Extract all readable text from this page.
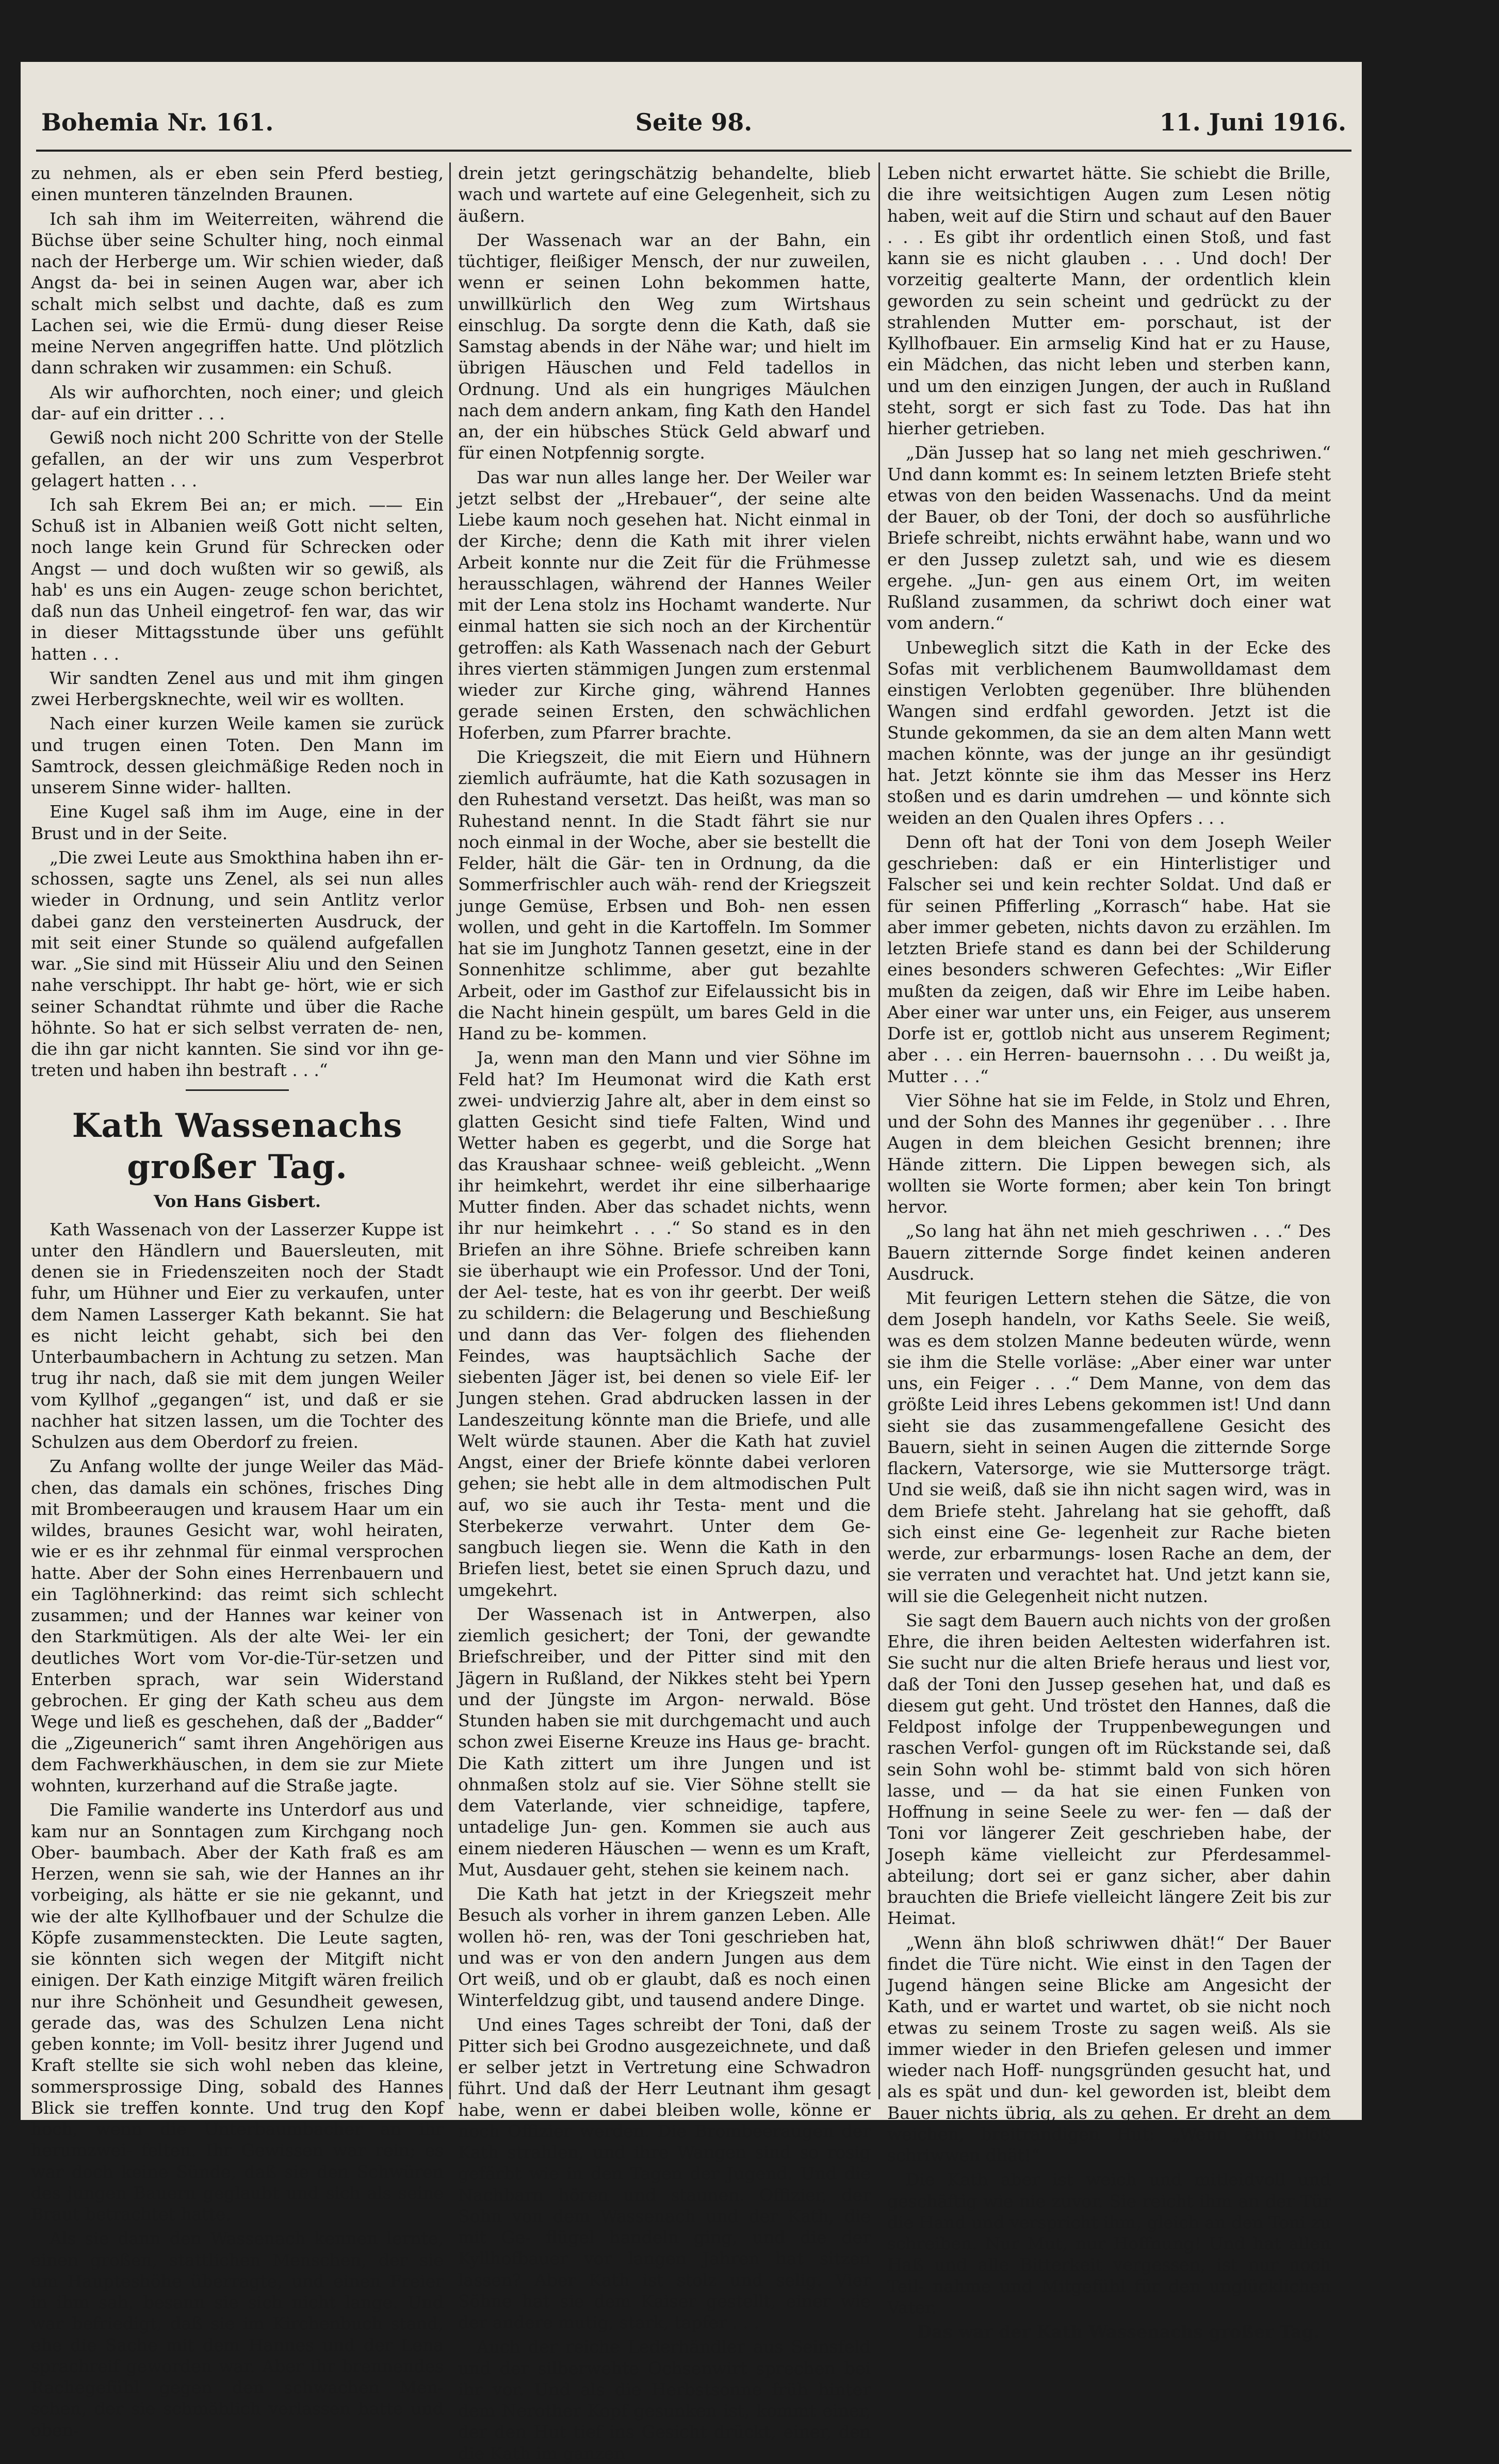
Bohemia Nr. 161.	Seite 98.	11. Juni 1916.

zu nehmen, als er eben sein Pferd bestieg, einen munteren tänzelnden Braunen.

Ich sah ihm im Weiterreiten, während die Büchse über seine Schulter hing, noch einmal nach der Herberge um. Wir schien wieder, daß Angst da- bei in seinen Augen war, aber ich schalt mich selbst und dachte, daß es zum Lachen sei, wie die Ermü- dung dieser Reise meine Nerven angegriffen hatte. Und plötzlich dann schraken wir zusammen: ein Schuß.

Als wir aufhorchten, noch einer; und gleich dar- auf ein dritter . . .

Gewiß noch nicht 200 Schritte von der Stelle gefallen, an der wir uns zum Vesperbrot gelagert hatten . . .

Ich sah Ekrem Bei an; er mich. —— Ein Schuß ist in Albanien weiß Gott nicht selten, noch lange kein Grund für Schrecken oder Angst — und doch wußten wir so gewiß, als hab' es uns ein Augen- zeuge schon berichtet, daß nun das Unheil eingetrof- fen war, das wir in dieser Mittagsstunde über uns gefühlt hatten . . .

Wir sandten Zenel aus und mit ihm gingen zwei Herbergsknechte, weil wir es wollten.

Nach einer kurzen Weile kamen sie zurück und trugen einen Toten. Den Mann im Samtrock, dessen gleichmäßige Reden noch in unserem Sinne wider- hallten.

Eine Kugel saß ihm im Auge, eine in der Brust und in der Seite.

„Die zwei Leute aus Smokthina haben ihn er- schossen, sagte uns Zenel, als sei nun alles wieder in Ordnung, und sein Antlitz verlor dabei ganz den versteinerten Ausdruck, der mit seit einer Stunde so quälend aufgefallen war. „Sie sind mit Hüsseir Aliu und den Seinen nahe verschippt. Ihr habt ge- hört, wie er sich seiner Schandtat rühmte und über die Rache höhnte. So hat er sich selbst verraten de- nen, die ihn gar nicht kannten. Sie sind vor ihn ge- treten und haben ihn bestraft . . .“

Kath Wassenachs großer Tag.
Von Hans Gisbert.

Kath Wassenach von der Lasserzer Kuppe ist unter den Händlern und Bauersleuten, mit denen sie in Friedenszeiten noch der Stadt fuhr, um Hühner und Eier zu verkaufen, unter dem Namen Lasserger Kath bekannt. Sie hat es nicht leicht gehabt, sich bei den Unterbaumbachern in Achtung zu setzen. Man trug ihr nach, daß sie mit dem jungen Weiler vom Kyllhof „gegangen“ ist, und daß er sie nachher hat sitzen lassen, um die Tochter des Schulzen aus dem Oberdorf zu freien.

Zu Anfang wollte der junge Weiler das Mäd- chen, das damals ein schönes, frisches Ding mit Brombeeraugen und krausem Haar um ein wildes, braunes Gesicht war, wohl heiraten, wie er es ihr zehnmal für einmal versprochen hatte. Aber der Sohn eines Herrenbauern und ein Taglöhnerkind: das reimt sich schlecht zusammen; und der Hannes war keiner von den Starkmütigen. Als der alte Wei- ler ein deutliches Wort vom Vor-die-Tür-setzen und Enterben sprach, war sein Widerstand gebrochen. Er ging der Kath scheu aus dem Wege und ließ es geschehen, daß der „Badder“ die „Zigeunerich“ samt ihren Angehörigen aus dem Fachwerkhäuschen, in dem sie zur Miete wohnten, kurzerhand auf die Straße jagte.

Die Familie wanderte ins Unterdorf aus und kam nur an Sonntagen zum Kirchgang noch Ober- baumbach. Aber der Kath fraß es am Herzen, wenn sie sah, wie der Hannes an ihr vorbeiging, als hätte er sie nie gekannt, und wie der alte Kyllhofbauer und der Schulze die Köpfe zusammensteckten. Die Leute sagten, sie könnten sich wegen der Mitgift nicht einigen. Der Kath einzige Mitgift wären freilich nur ihre Schönheit und Gesundheit gewesen, gerade das, was des Schulzen Lena nicht geben konnte; im Voll- besitz ihrer Jugend und Kraft stellte sie sich wohl neben das kleine, sommersprossige Ding, sobald des Hannes Blick sie treffen konnte. Und trug den Kopf hoch, wenn die Unterbaumbacher an ihr herumzwei- felten. Ihr Gewissen war rein; es war doch keine Sünde, daß sie den Schwüren des jungen Bauern geglaubt und sich als seine Braut betrachtet hatte.

Als sie dann den Wassenach kennen lernte, einen großen, stattlichen Menschen, der sie um Haupteshöhe überragte, und einen Freier in ihm sah, besann sie sich nicht lange. Und war befriedigt, daß sie im Kirchenbuch stand, ehe die Sache mit dem Hannes und der Lena sprachreif geworden war. Aber ihr brennendes Rachegefühl gegen den schwachen Men- schen, der sie schmählich verlassen hatte und oben-

drein jetzt geringschätzig behandelte, blieb wach und wartete auf eine Gelegenheit, sich zu äußern.

Der Wassenach war an der Bahn, ein tüchtiger, fleißiger Mensch, der nur zuweilen, wenn er seinen Lohn bekommen hatte, unwillkürlich den Weg zum Wirtshaus einschlug. Da sorgte denn die Kath, daß sie Samstag abends in der Nähe war; und hielt im übrigen Häuschen und Feld tadellos in Ordnung. Und als ein hungriges Mäulchen nach dem andern ankam, fing Kath den Handel an, der ein hübsches Stück Geld abwarf und für einen Notpfennig sorgte.

Das war nun alles lange her. Der Weiler war jetzt selbst der „Hrebauer“, der seine alte Liebe kaum noch gesehen hat. Nicht einmal in der Kirche; denn die Kath mit ihrer vielen Arbeit konnte nur die Zeit für die Frühmesse herausschlagen, während der Hannes Weiler mit der Lena stolz ins Hochamt wanderte. Nur einmal hatten sie sich noch an der Kirchentür getroffen: als Kath Wassenach nach der Geburt ihres vierten stämmigen Jungen zum erstenmal wieder zur Kirche ging, während Hannes gerade seinen Ersten, den schwächlichen Hoferben, zum Pfarrer brachte.

Die Kriegszeit, die mit Eiern und Hühnern ziemlich aufräumte, hat die Kath sozusagen in den Ruhestand versetzt. Das heißt, was man so Ruhestand nennt. In die Stadt fährt sie nur noch einmal in der Woche, aber sie bestellt die Felder, hält die Gär- ten in Ordnung, da die Sommerfrischler auch wäh- rend der Kriegszeit junge Gemüse, Erbsen und Boh- nen essen wollen, und geht in die Kartoffeln. Im Sommer hat sie im Junghotz Tannen gesetzt, eine in der Sonnenhitze schlimme, aber gut bezahlte Arbeit, oder im Gasthof zur Eifelaussicht bis in die Nacht hinein gespült, um bares Geld in die Hand zu be- kommen.

Ja, wenn man den Mann und vier Söhne im Feld hat? Im Heumonat wird die Kath erst zwei- undvierzig Jahre alt, aber in dem einst so glatten Gesicht sind tiefe Falten, Wind und Wetter haben es gegerbt, und die Sorge hat das Kraushaar schnee- weiß gebleicht. „Wenn ihr heimkehrt, werdet ihr eine silberhaarige Mutter finden. Aber das schadet nichts, wenn ihr nur heimkehrt . . .“ So stand es in den Briefen an ihre Söhne. Briefe schreiben kann sie überhaupt wie ein Professor. Und der Toni, der Ael- teste, hat es von ihr geerbt. Der weiß zu schildern: die Belagerung und Beschießung und dann das Ver- folgen des fliehenden Feindes, was hauptsächlich Sache der siebenten Jäger ist, bei denen so viele Eif- ler Jungen stehen. Grad abdrucken lassen in der Landeszeitung könnte man die Briefe, und alle Welt würde staunen. Aber die Kath hat zuviel Angst, einer der Briefe könnte dabei verloren gehen; sie hebt alle in dem altmodischen Pult auf, wo sie auch ihr Testa- ment und die Sterbekerze verwahrt. Unter dem Ge- sangbuch liegen sie. Wenn die Kath in den Briefen liest, betet sie einen Spruch dazu, und umgekehrt.

Der Wassenach ist in Antwerpen, also ziemlich gesichert; der Toni, der gewandte Briefschreiber, und der Pitter sind mit den Jägern in Rußland, der Nikkes steht bei Ypern und der Jüngste im Argon- nerwald. Böse Stunden haben sie mit durchgemacht und auch schon zwei Eiserne Kreuze ins Haus ge- bracht. Die Kath zittert um ihre Jungen und ist ohnmaßen stolz auf sie. Vier Söhne stellt sie dem Vaterlande, vier schneidige, tapfere, untadelige Jun- gen. Kommen sie auch aus einem niederen Häuschen — wenn es um Kraft, Mut, Ausdauer geht, stehen sie keinem nach.

Die Kath hat jetzt in der Kriegszeit mehr Besuch als vorher in ihrem ganzen Leben. Alle wollen hö- ren, was der Toni geschrieben hat, und was er von den andern Jungen aus dem Ort weiß, und ob er glaubt, daß es noch einen Winterfeldzug gibt, und tausend andere Dinge.

Und eines Tages schreibt der Toni, daß der Pitter sich bei Grodno ausgezeichnete, und daß er selber jetzt in Vertretung eine Schwadron führt. Und daß der Herr Leutnant ihm gesagt habe, wenn er dabei bleiben wolle, könne er noch Offizier werden. Die Brombeeraugen der Kath strahlen, und ihre Wangen sind so rosig gefärbt wie in den Tagen der Jugend. Und die Nachbarn hören und staunen. Offizier, der Sohn von dem Wassenach und der Kath, die mit Ge- flügel handeln ging, und die der Kyllhofbauer vor langen Jahren hat sitzen lassen? Aber Kath ist stolz und selig. Vier Söhne hat sie dem Kaiser gestellt, einer wie der andere mutig, stark, tapfer . . .

Auch der reiche Lederhändler aus Seinsfeld und der silberwehte Ochsenwirt sprechen bei ihr vor. Und als die Herbstsonne früh hinter dem Nerother Kopf gesunken ist, kommt einer, der den Hut tief ins Gesicht drückt, einer, den die Kath im ganzen

Leben nicht erwartet hätte. Sie schiebt die Brille, die ihre weitsichtigen Augen zum Lesen nötig haben, weit auf die Stirn und schaut auf den Bauer . . . Es gibt ihr ordentlich einen Stoß, und fast kann sie es nicht glauben . . . Und doch! Der vorzeitig gealterte Mann, der ordentlich klein geworden zu sein scheint und gedrückt zu der strahlenden Mutter em- porschaut, ist der Kyllhofbauer. Ein armselig Kind hat er zu Hause, ein Mädchen, das nicht leben und sterben kann, und um den einzigen Jungen, der auch in Rußland steht, sorgt er sich fast zu Tode. Das hat ihn hierher getrieben.

„Dän Jussep hat so lang net mieh geschriwen.“ Und dann kommt es: In seinem letzten Briefe steht etwas von den beiden Wassenachs. Und da meint der Bauer, ob der Toni, der doch so ausführliche Briefe schreibt, nichts erwähnt habe, wann und wo er den Jussep zuletzt sah, und wie es diesem ergehe. „Jun- gen aus einem Ort, im weiten Rußland zusammen, da schriwt doch einer wat vom andern.“

Unbeweglich sitzt die Kath in der Ecke des Sofas mit verblichenem Baumwolldamast dem einstigen Verlobten gegenüber. Ihre blühenden Wangen sind erdfahl geworden. Jetzt ist die Stunde gekommen, da sie an dem alten Mann wett machen könnte, was der junge an ihr gesündigt hat. Jetzt könnte sie ihm das Messer ins Herz stoßen und es darin umdrehen — und könnte sich weiden an den Qualen ihres Opfers . . .

Denn oft hat der Toni von dem Joseph Weiler geschrieben: daß er ein Hinterlistiger und Falscher sei und kein rechter Soldat. Und daß er für seinen Pfifferling „Korrasch“ habe. Hat sie aber immer gebeten, nichts davon zu erzählen. Im letzten Briefe stand es dann bei der Schilderung eines besonders schweren Gefechtes: „Wir Eifler mußten da zeigen, daß wir Ehre im Leibe haben. Aber einer war unter uns, ein Feiger, aus unserem Dorfe ist er, gottlob nicht aus unserem Regiment; aber . . . ein Herren- bauernsohn . . . Du weißt ja, Mutter . . .“

Vier Söhne hat sie im Felde, in Stolz und Ehren, und der Sohn des Mannes ihr gegenüber . . . Ihre Augen in dem bleichen Gesicht brennen; ihre Hände zittern. Die Lippen bewegen sich, als wollten sie Worte formen; aber kein Ton bringt hervor.

„So lang hat ähn net mieh geschriwen . . .“ Des Bauern zitternde Sorge findet keinen anderen Ausdruck.

Mit feurigen Lettern stehen die Sätze, die von dem Joseph handeln, vor Kaths Seele. Sie weiß, was es dem stolzen Manne bedeuten würde, wenn sie ihm die Stelle vorläse: „Aber einer war unter uns, ein Feiger . . .“ Dem Manne, von dem das größte Leid ihres Lebens gekommen ist! Und dann sieht sie das zusammengefallene Gesicht des Bauern, sieht in seinen Augen die zitternde Sorge flackern, Vatersorge, wie sie Muttersorge trägt. Und sie weiß, daß sie ihn nicht sagen wird, was in dem Briefe steht. Jahrelang hat sie gehofft, daß sich einst eine Ge- legenheit zur Rache bieten werde, zur erbarmungs- losen Rache an dem, der sie verraten und verachtet hat. Und jetzt kann sie, will sie die Gelegenheit nicht nutzen.

Sie sagt dem Bauern auch nichts von der großen Ehre, die ihren beiden Aeltesten widerfahren ist. Sie sucht nur die alten Briefe heraus und liest vor, daß der Toni den Jussep gesehen hat, und daß es diesem gut geht. Und tröstet den Hannes, daß die Feldpost infolge der Truppenbewegungen und raschen Verfol- gungen oft im Rückstande sei, daß sein Sohn wohl be- stimmt bald von sich hören lasse, und — da hat sie einen Funken von Hoffnung in seine Seele zu wer- fen — daß der Toni vor längerer Zeit geschrieben habe, der Joseph käme vielleicht zur Pferdesammel- abteilung; dort sei er ganz sicher, aber dahin brauchten die Briefe vielleicht längere Zeit bis zur Heimat.

„Wenn ähn bloß schriwwen dhät!“ Der Bauer findet die Türe nicht. Wie einst in den Tagen der Jugend hängen seine Blicke am Angesicht der Kath, und er wartet und wartet, ob sie nicht noch etwas zu seinem Troste zu sagen weiß. Als sie immer wieder in den Briefen gelesen und immer wieder nach Hoff- nungsgründen gesucht hat, und als es spät und dun- kel geworden ist, bleibt dem Bauer nichts übrig, als zu gehen. Er dreht an dem weichen, breitrandigen Hut: „Wenn ähn bloß schriwwen dhät!“

Die Kath aber ist weich und mitleidvoll und geschäftig wie nie zuvor. Sie reicht ihm an der Tür die Hand und verspricht ihm, gleich an den Toni zu schreiben. Nur Mut, nur Hoffnung! Und hat allen Haß und alle Bitterkeit vergessen, ist nur noch Teil- nahme und Mitgefühl für den unglücklichen Vater.

Das war der Kath Wassenachs großer Tag.
